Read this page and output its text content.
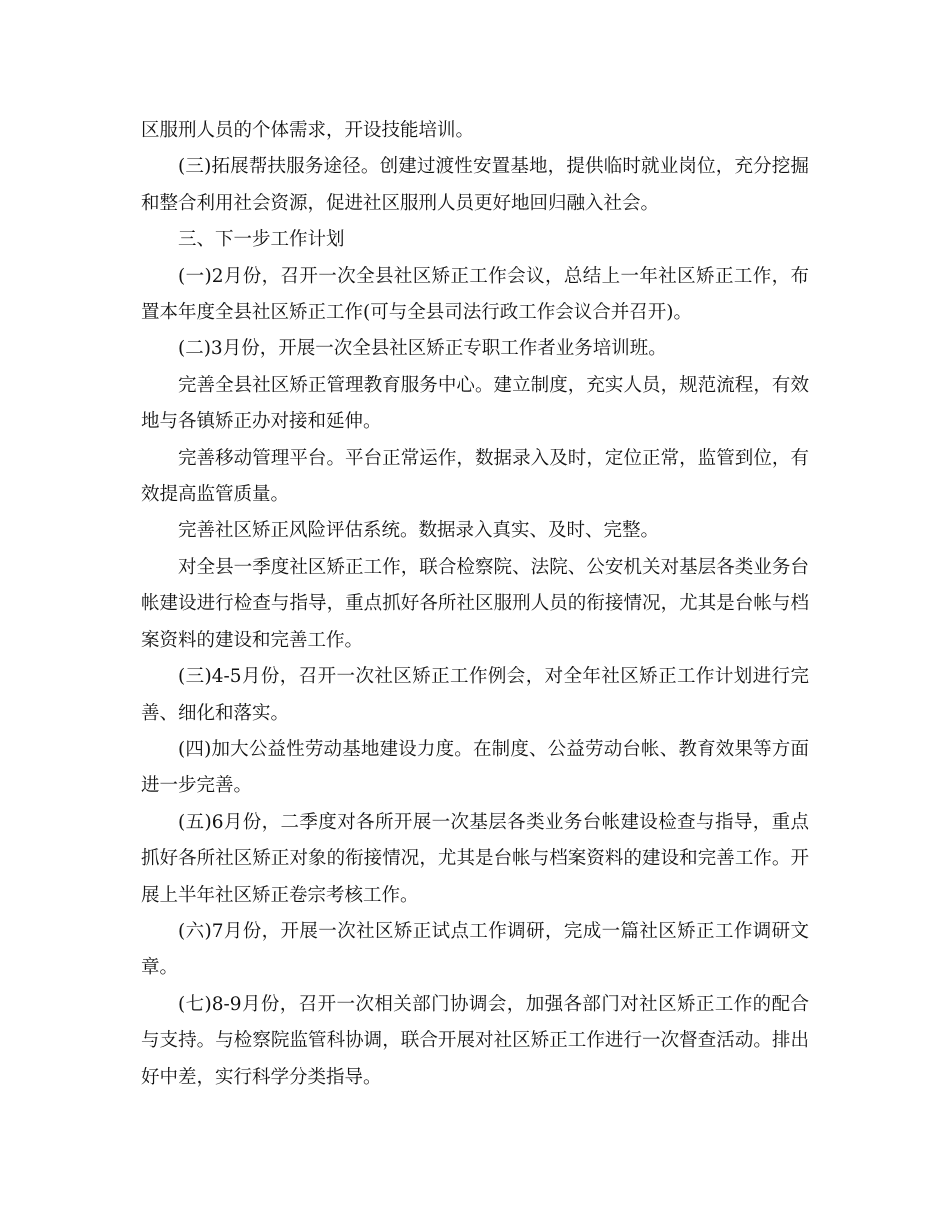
区服刑人员的个体需求，开设技能培训。

(三)拓展帮扶服务途径。创建过渡性安置基地，提供临时就业岗位，充分挖掘和整合利用社会资源，促进社区服刑人员更好地回归融入社会。

三、下一步工作计划

(一)2月份，召开一次全县社区矫正工作会议，总结上一年社区矫正工作，布置本年度全县社区矫正工作(可与全县司法行政工作会议合并召开)。

(二)3月份，开展一次全县社区矫正专职工作者业务培训班。

完善全县社区矫正管理教育服务中心。建立制度，充实人员，规范流程，有效地与各镇矫正办对接和延伸。

完善移动管理平台。平台正常运作，数据录入及时，定位正常，监管到位，有效提高监管质量。

完善社区矫正风险评估系统。数据录入真实、及时、完整。

对全县一季度社区矫正工作，联合检察院、法院、公安机关对基层各类业务台帐建设进行检查与指导，重点抓好各所社区服刑人员的衔接情况，尤其是台帐与档案资料的建设和完善工作。

(三)4-5月份，召开一次社区矫正工作例会，对全年社区矫正工作计划进行完善、细化和落实。

(四)加大公益性劳动基地建设力度。在制度、公益劳动台帐、教育效果等方面进一步完善。

(五)6月份，二季度对各所开展一次基层各类业务台帐建设检查与指导，重点抓好各所社区矫正对象的衔接情况，尤其是台帐与档案资料的建设和完善工作。开展上半年社区矫正卷宗考核工作。

(六)7月份，开展一次社区矫正试点工作调研，完成一篇社区矫正工作调研文章。

(七)8-9月份，召开一次相关部门协调会，加强各部门对社区矫正工作的配合与支持。与检察院监管科协调，联合开展对社区矫正工作进行一次督查活动。排出好中差，实行科学分类指导。
